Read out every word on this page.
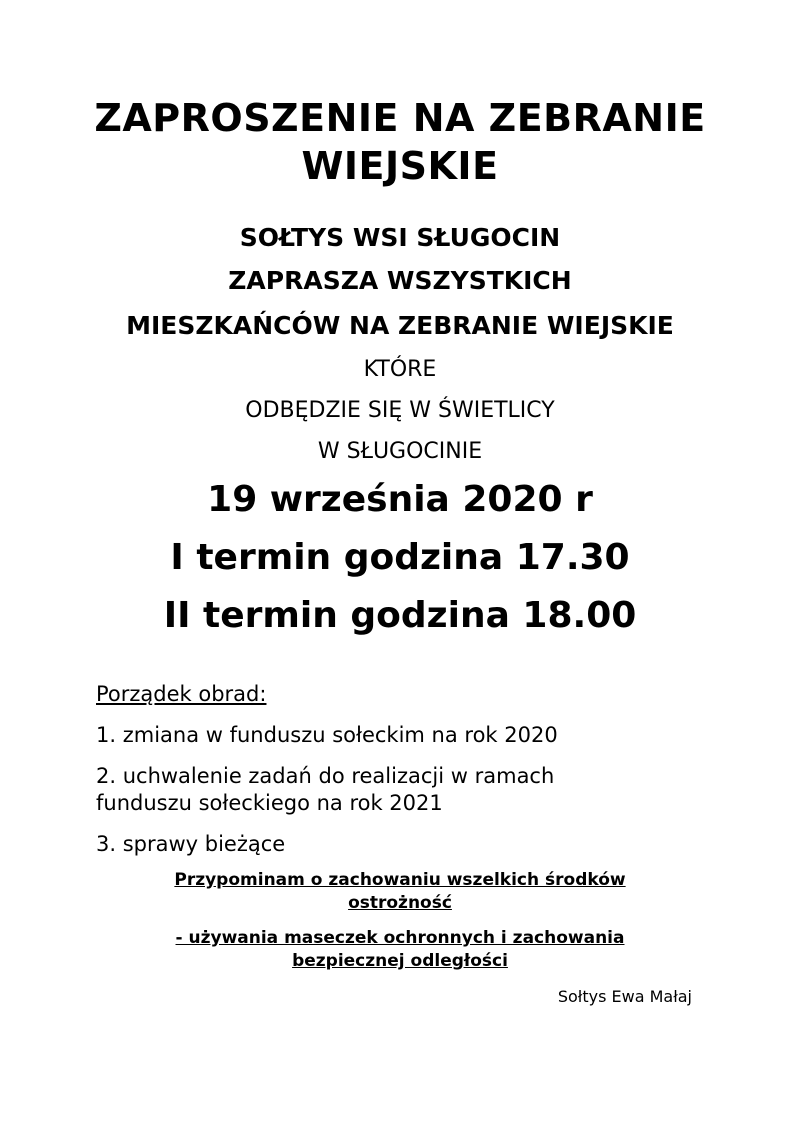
ZAPROSZENIE NA ZEBRANIE WIEJSKIE

SOŁTYS WSI SŁUGOCIN

ZAPRASZA WSZYSTKICH

MIESZKAŃCÓW NA ZEBRANIE WIEJSKIE

KTÓRE

ODBĘDZIE SIĘ W ŚWIETLICY

W SŁUGOCINIE

19 września 2020 r

I termin godzina 17.30

II termin godzina 18.00

Porządek obrad:

1. zmiana w funduszu sołeckim na rok 2020

2. uchwalenie zadań do realizacji w ramach funduszu sołeckiego na rok 2021

3. sprawy bieżące

Przypominam o zachowaniu wszelkich środków ostrożność

- używania maseczek ochronnych i zachowania bezpiecznej odległości

Sołtys Ewa Małaj
